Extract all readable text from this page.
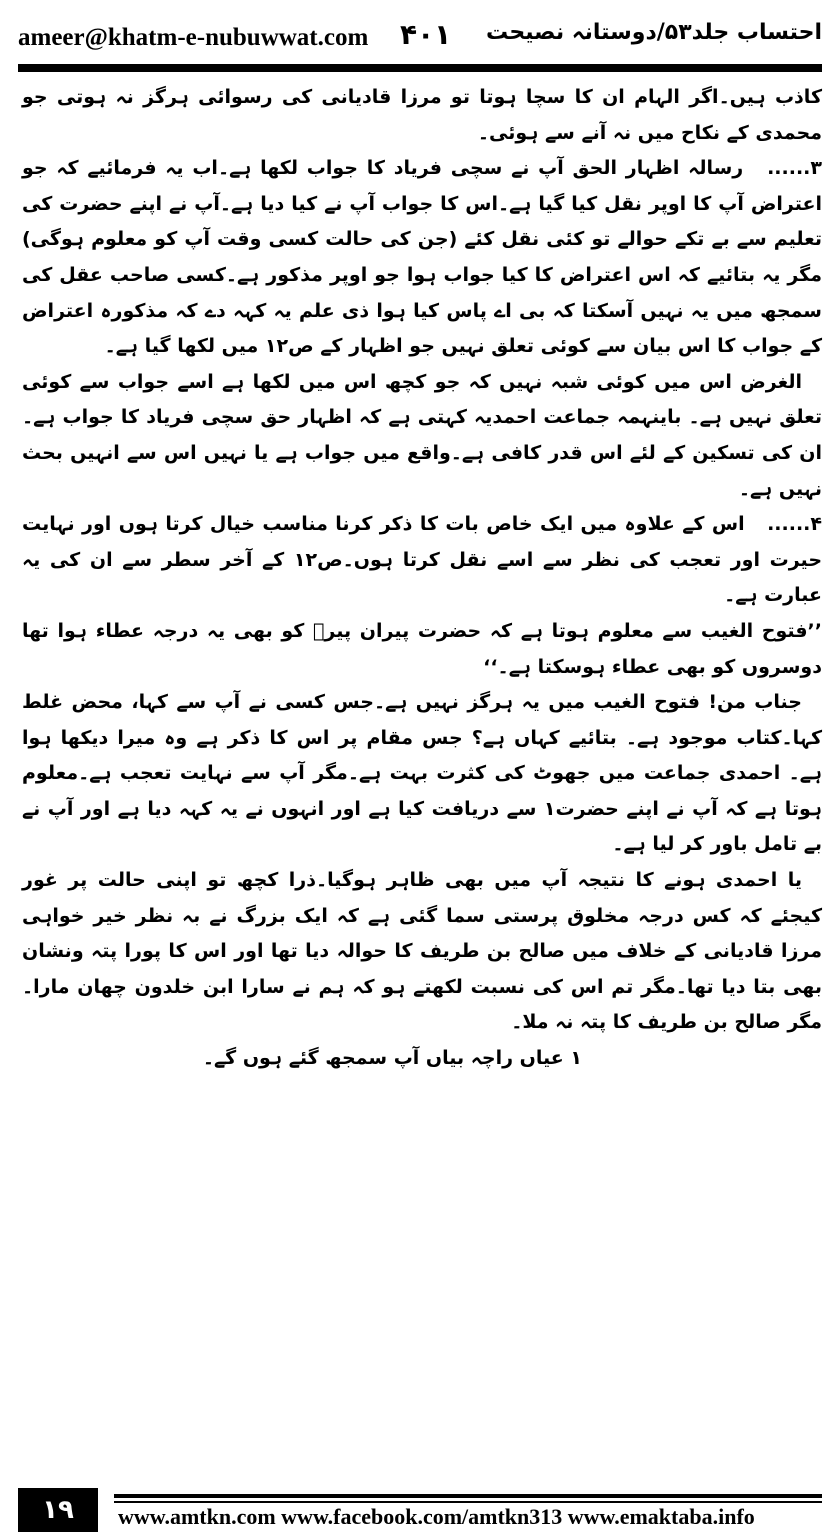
ameer@khatm-e-nubuwwat.com ۴۰۱ احتساب جلد۵۳/دوستانہ نصیحت

کاذب ہیں۔اگر الہام ان کا سچا ہوتا تو مرزا قادیانی کی رسوائی ہرگز نہ ہوتی جو محمدی کے نکاح میں نہ آنے سے ہوئی۔

۳...... رسالہ اظہار الحق آپ نے سچی فریاد کا جواب لکھا ہے۔اب یہ فرمائیے کہ جو اعتراض آپ کا اوپر نقل کیا گیا ہے۔اس کا جواب آپ نے کیا دیا ہے۔آپ نے اپنے حضرت کی تعلیم سے بے تکے حوالے تو کئی نقل کئے (جن کی حالت کسی وقت آپ کو معلوم ہوگی) مگر یہ بتائیے کہ اس اعتراض کا کیا جواب ہوا جو اوپر مذکور ہے۔کسی صاحب عقل کی سمجھ میں یہ نہیں آسکتا کہ بی اے پاس کیا ہوا ذی علم یہ کہہ دے کہ مذکورہ اعتراض کے جواب کا اس بیان سے کوئی تعلق نہیں جو اظہار کے ص۱۲ میں لکھا گیا ہے۔

الغرض اس میں کوئی شبہ نہیں کہ جو کچھ اس میں لکھا ہے اسے جواب سے کوئی تعلق نہیں ہے۔ باینہمہ جماعت احمدیہ کہتی ہے کہ اظہار حق سچی فریاد کا جواب ہے۔ ان کی تسکین کے لئے اس قدر کافی ہے۔واقع میں جواب ہے یا نہیں اس سے انہیں بحث نہیں ہے۔

۴...... اس کے علاوہ میں ایک خاص بات کا ذکر کرنا مناسب خیال کرتا ہوں اور نہایت حیرت اور تعجب کی نظر سے اسے نقل کرتا ہوں۔ص۱۲ کے آخر سطر سے ان کی یہ عبارت ہے۔

’’فتوح الغیب سے معلوم ہوتا ہے کہ حضرت پیران پیرؒ کو بھی یہ درجہ عطاء ہوا تھا دوسروں کو بھی عطاء ہوسکتا ہے۔‘‘

جناب من! فتوح الغیب میں یہ ہرگز نہیں ہے۔جس کسی نے آپ سے کہا، محض غلط کہا۔کتاب موجود ہے۔ بتائیے کہاں ہے؟ جس مقام پر اس کا ذکر ہے وہ میرا دیکھا ہوا ہے۔ احمدی جماعت میں جھوٹ کی کثرت بہت ہے۔مگر آپ سے نہایت تعجب ہے۔معلوم ہوتا ہے کہ آپ نے اپنے حضرت۱ سے دریافت کیا ہے اور انہوں نے یہ کہہ دیا ہے اور آپ نے بے تامل باور کر لیا ہے۔

یا احمدی ہونے کا نتیجہ آپ میں بھی ظاہر ہوگیا۔ذرا کچھ تو اپنی حالت پر غور کیجئے کہ کس درجہ مخلوق پرستی سما گئی ہے کہ ایک بزرگ نے بہ نظر خیر خواہی مرزا قادیانی کے خلاف میں صالح بن طریف کا حوالہ دیا تھا اور اس کا پورا پتہ ونشان بھی بتا دیا تھا۔مگر تم اس کی نسبت لکھتے ہو کہ ہم نے سارا ابن خلدون چھان مارا۔مگر صالح بن طریف کا پتہ نہ ملا۔

۱ عیاں راچہ بیاں آپ سمجھ گئے ہوں گے۔

۱۹	www.amtkn.com www.facebook.com/amtkn313 www.emaktaba.info
